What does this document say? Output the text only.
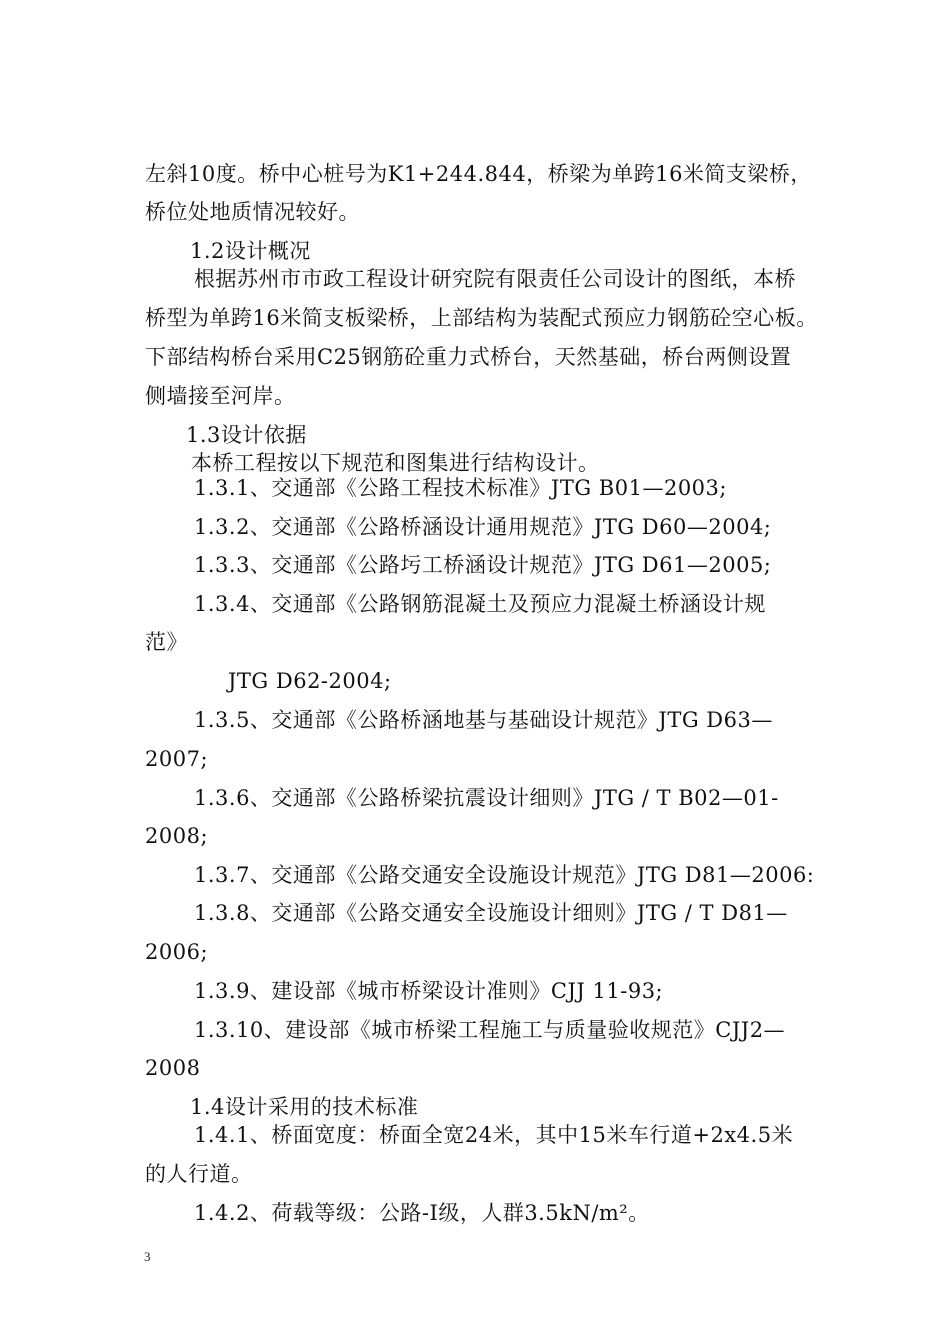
左斜10度。桥中心桩号为K1+244.844，桥梁为单跨16米简支梁桥，
桥位处地质情况较好。
1.2设计概况
根据苏州市市政工程设计研究院有限责任公司设计的图纸，本桥
桥型为单跨16米简支板梁桥，上部结构为装配式预应力钢筋砼空心板。
下部结构桥台采用C25钢筋砼重力式桥台，天然基础，桥台两侧设置
侧墙接至河岸。
1.3设计依据
本桥工程按以下规范和图集进行结构设计。
1.3.1、交通部《公路工程技术标准》JTG B01—2003;
1.3.2、交通部《公路桥涵设计通用规范》JTG D60—2004;
1.3.3、交通部《公路圬工桥涵设计规范》JTG D61—2005;
1.3.4、交通部《公路钢筋混凝土及预应力混凝土桥涵设计规
范》
JTG D62-2004;
1.3.5、交通部《公路桥涵地基与基础设计规范》JTG D63—
2007;
1.3.6、交通部《公路桥梁抗震设计细则》JTG / T B02—01-
2008;
1.3.7、交通部《公路交通安全设施设计规范》JTG D81—2006:
1.3.8、交通部《公路交通安全设施设计细则》JTG / T D81—
2006;
1.3.9、建设部《城市桥梁设计准则》CJJ 11-93;
1.3.10、建设部《城市桥梁工程施工与质量验收规范》CJJ2—
2008
1.4设计采用的技术标准
1.4.1、桥面宽度：桥面全宽24米，其中15米车行道+2x4.5米
的人行道。
1.4.2、荷载等级：公路-I级，人群3.5kN/m²。
3
